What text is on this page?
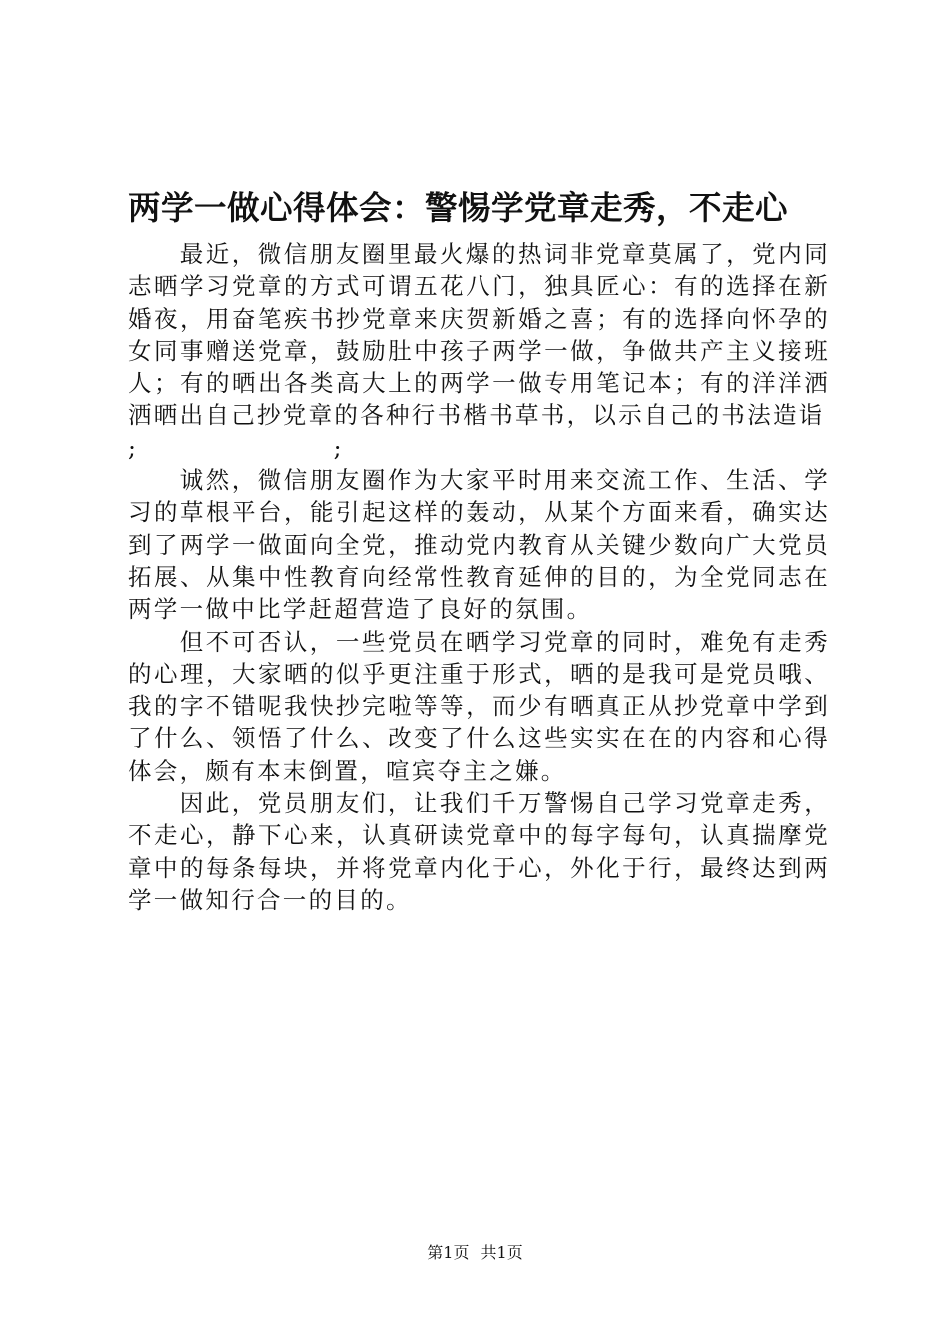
两学一做心得体会：警惕学党章走秀，不走心

最近，微信朋友圈里最火爆的热词非党章莫属了，党内同志晒学习党章的方式可谓五花八门，独具匠心：有的选择在新婚夜，用奋笔疾书抄党章来庆贺新婚之喜；有的选择向怀孕的女同事赠送党章，鼓励肚中孩子两学一做，争做共产主义接班人；有的晒出各类高大上的两学一做专用笔记本；有的洋洋洒洒晒出自己抄党章的各种行书楷书草书，以示自己的书法造诣

;                    ;

诚然，微信朋友圈作为大家平时用来交流工作、生活、学习的草根平台，能引起这样的轰动，从某个方面来看，确实达到了两学一做面向全党，推动党内教育从关键少数向广大党员拓展、从集中性教育向经常性教育延伸的目的，为全党同志在两学一做中比学赶超营造了良好的氛围。

但不可否认，一些党员在晒学习党章的同时，难免有走秀的心理，大家晒的似乎更注重于形式，晒的是我可是党员哦、我的字不错呢我快抄完啦等等，而少有晒真正从抄党章中学到了什么、领悟了什么、改变了什么这些实实在在的内容和心得体会，颇有本末倒置，喧宾夺主之嫌。

因此，党员朋友们，让我们千万警惕自己学习党章走秀，不走心，静下心来，认真研读党章中的每字每句，认真揣摩党章中的每条每块，并将党章内化于心，外化于行，最终达到两学一做知行合一的目的。

第1页 共1页
